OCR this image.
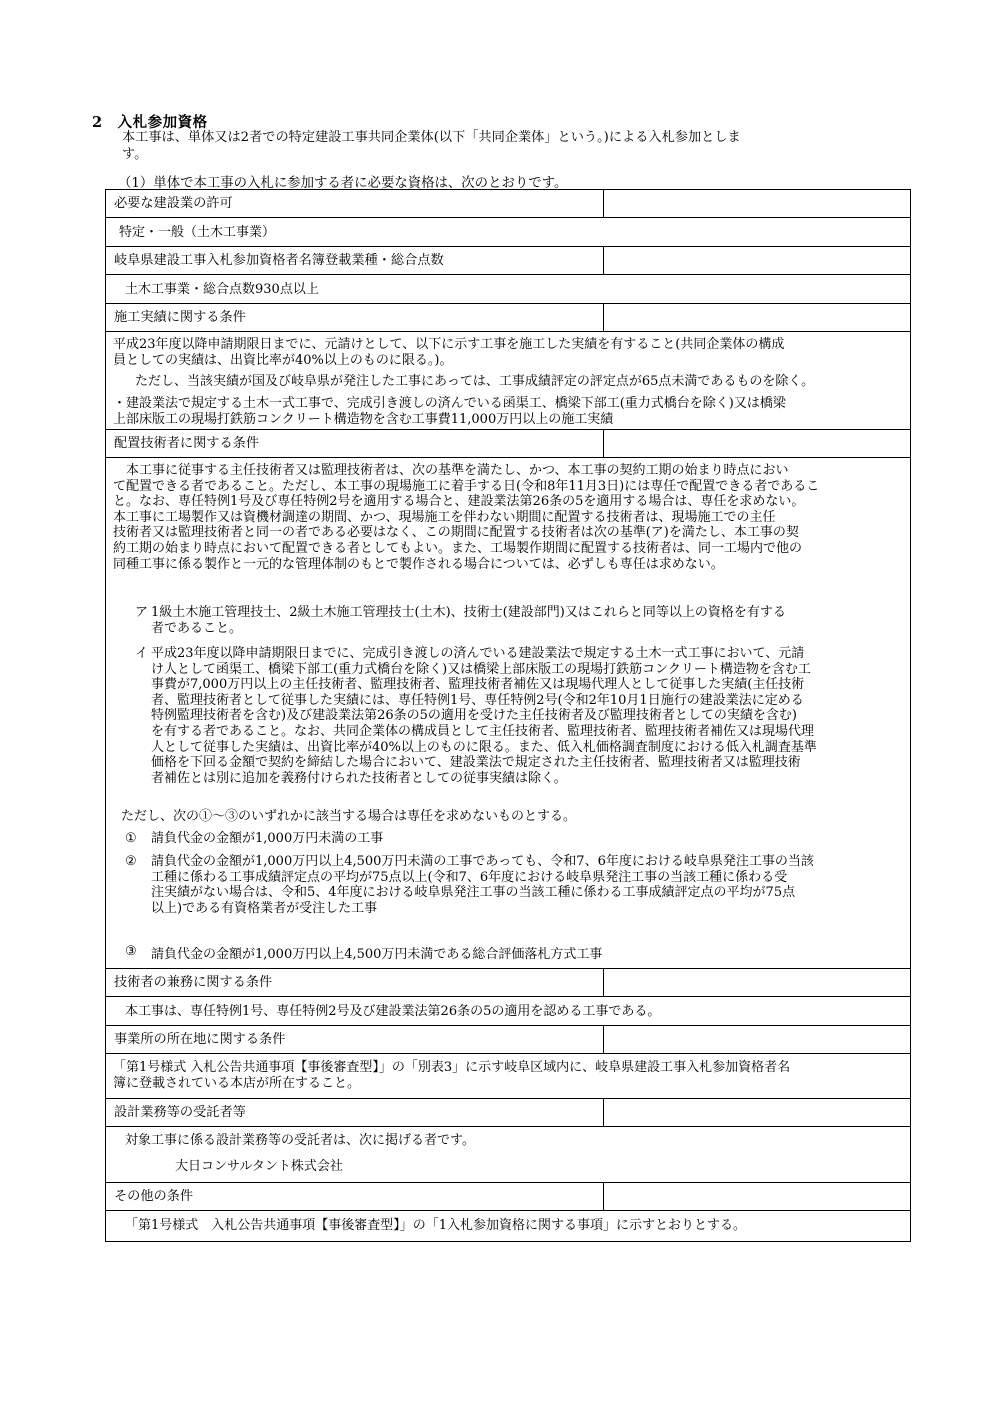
2　入札参加資格
本工事は、単体又は2者での特定建設工事共同企業体(以下「共同企業体」という。)による入札参加としま
す。
（1）単体で本工事の入札に参加する者に必要な資格は、次のとおりです。
必要な建設業の許可
特定・一般（土木工事業）
岐阜県建設工事入札参加資格者名簿登載業種・総合点数
土木工事業・総合点数930点以上
施工実績に関する条件
平成23年度以降申請期限日までに、元請けとして、以下に示す工事を施工した実績を有すること(共同企業体の構成
員としての実績は、出資比率が40%以上のものに限る。)。
ただし、当該実績が国及び岐阜県が発注した工事にあっては、工事成績評定の評定点が65点未満であるものを除く。
・建設業法で規定する土木一式工事で、完成引き渡しの済んでいる函渠工、橋梁下部工(重力式橋台を除く)又は橋梁
上部床版工の現場打鉄筋コンクリート構造物を含む工事費11,000万円以上の施工実績
配置技術者に関する条件
　本工事に従事する主任技術者又は監理技術者は、次の基準を満たし、かつ、本工事の契約工期の始まり時点におい
て配置できる者であること。ただし、本工事の現場施工に着手する日(令和8年11月3日)には専任で配置できる者であるこ
と。なお、専任特例1号及び専任特例2号を適用する場合と、建設業法第26条の5を適用する場合は、専任を求めない。
本工事に工場製作又は資機材調達の期間、かつ、現場施工を伴わない期間に配置する技術者は、現場施工での主任
技術者又は監理技術者と同一の者である必要はなく、この期間に配置する技術者は次の基準(ア)を満たし、本工事の契
約工期の始まり時点において配置できる者としてもよい。また、工場製作期間に配置する技術者は、同一工場内で他の
同種工事に係る製作と一元的な管理体制のもとで製作される場合については、必ずしも専任は求めない。
ア 1級土木施工管理技士、2級土木施工管理技士(土木)、技術士(建設部門)又はこれらと同等以上の資格を有する
者であること。
イ 平成23年度以降申請期限日までに、完成引き渡しの済んでいる建設業法で規定する土木一式工事において、元請
け人として函渠工、橋梁下部工(重力式橋台を除く)又は橋梁上部床版工の現場打鉄筋コンクリート構造物を含む工
事費が7,000万円以上の主任技術者、監理技術者、監理技術者補佐又は現場代理人として従事した実績(主任技術
者、監理技術者として従事した実績には、専任特例1号、専任特例2号(令和2年10月1日施行の建設業法に定める
特例監理技術者を含む)及び建設業法第26条の5の適用を受けた主任技術者及び監理技術者としての実績を含む)
を有する者であること。なお、共同企業体の構成員として主任技術者、監理技術者、監理技術者補佐又は現場代理
人として従事した実績は、出資比率が40%以上のものに限る。また、低入札価格調査制度における低入札調査基準
価格を下回る金額で契約を締結した場合において、建設業法で規定された主任技術者、監理技術者又は監理技術
者補佐とは別に追加を義務付けられた技術者としての従事実績は除く。
ただし、次の①～③のいずれかに該当する場合は専任を求めないものとする。
① 請負代金の金額が1,000万円未満の工事
② 請負代金の金額が1,000万円以上4,500万円未満の工事であっても、令和7、6年度における岐阜県発注工事の当該
工種に係わる工事成績評定点の平均が75点以上(令和7、6年度における岐阜県発注工事の当該工種に係わる受
注実績がない場合は、令和5、4年度における岐阜県発注工事の当該工種に係わる工事成績評定点の平均が75点
以上)である有資格業者が受注した工事
③ 請負代金の金額が1,000万円以上4,500万円未満である総合評価落札方式工事
技術者の兼務に関する条件
本工事は、専任特例1号、専任特例2号及び建設業法第26条の5の適用を認める工事である。
事業所の所在地に関する条件
「第1号様式 入札公告共通事項【事後審査型】」の「別表3」に示す岐阜区域内に、岐阜県建設工事入札参加資格者名
簿に登載されている本店が所在すること。
設計業務等の受託者等
対象工事に係る設計業務等の受託者は、次に掲げる者です。
大日コンサルタント株式会社
その他の条件
「第1号様式　入札公告共通事項【事後審査型】」の「1入札参加資格に関する事項」に示すとおりとする。
